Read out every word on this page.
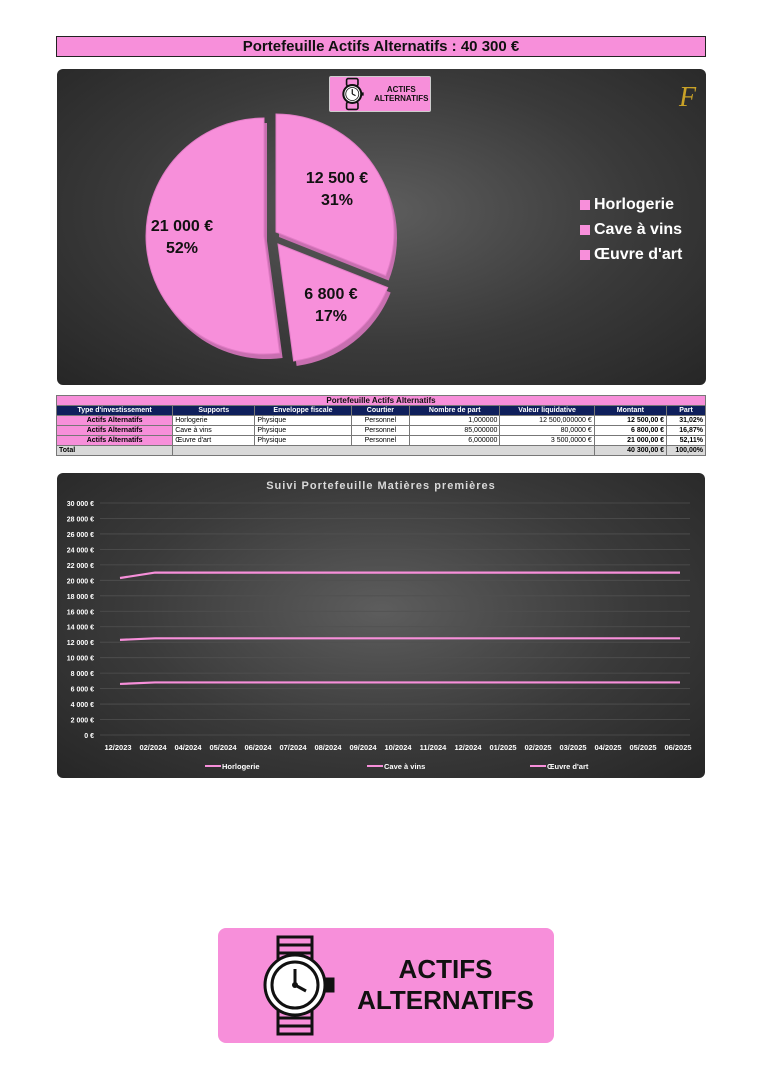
Portefeuille Actifs Alternatifs : 40 300 €
ACTIFS
ALTERNATIFS	F
12 500 €
31%
6 800 €
17%
21 000 €
52%
Horlogerie
Cave à vins
Œuvre d'art
Portefeuille Actifs Alternatifs							
Type d'investissement	Supports	Enveloppe fiscale	Courtier	Nombre de part	Valeur liquidative	Montant	Part
Actifs Alternatifs	Horlogerie	Physique	Personnel	1,000000	12 500,000000 €	12 500,00 €	31,02%
Actifs Alternatifs	Cave à vins	Physique	Personnel	85,000000	80,0000 €	6 800,00 €	16,87%
Actifs Alternatifs	Œuvre d'art	Physique	Personnel	6,000000	3 500,0000 €	21 000,00 €	52,11%
Total						40 300,00 €	100,00%
Suivi Portefeuille Matières premières
0 €
2 000 €
4 000 €
6 000 €
8 000 €
10 000 €
12 000 €
14 000 €
16 000 €
18 000 €
20 000 €
22 000 €
24 000 €
26 000 €
28 000 €
30 000 €
12/2023 02/2024 04/2024 05/2024 06/2024 07/2024 08/2024 09/2024 10/2024 11/2024 12/2024 01/2025 02/2025 03/2025 04/2025 05/2025 06/2025
Horlogerie	Cave à vins	Œuvre d'art
ACTIFS
ALTERNATIFS
